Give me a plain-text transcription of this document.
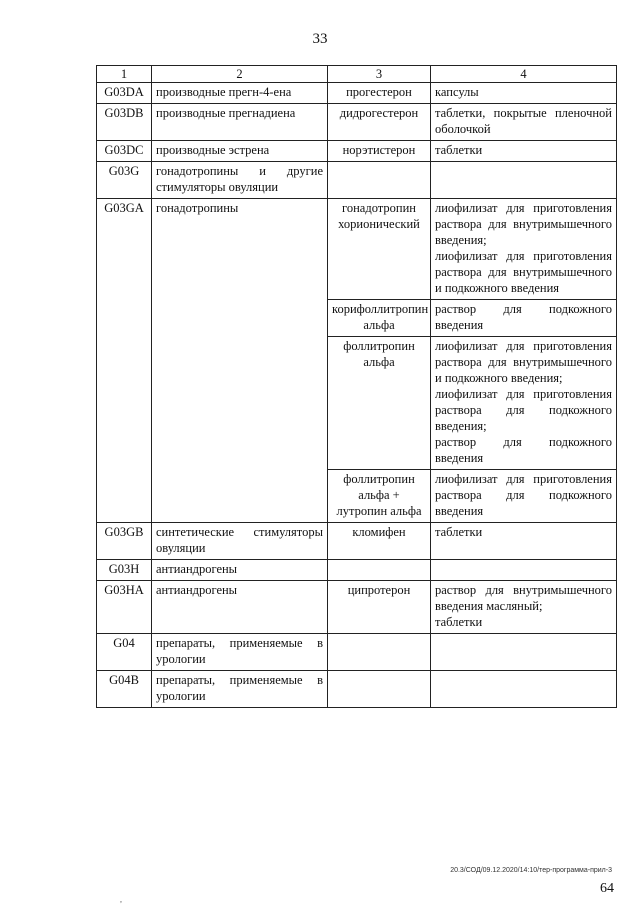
33
1	2	3	4
G03DA	производные прегн-4-ена	прогестерон	капсулы

G03DB	производные прегнадиена	дидрогестерон	таблетки, покрытые пленочной оболочкой

G03DC	производные эстрена	норэтистерон	таблетки

G03G	гонадотропины и другие стимуляторы овуляции		
G03GA	гонадотропины	гонадотропин хорионический	лиофилизат для приготовления раствора для внутримышечного введения;
лиофилизат для приготовления раствора для внутримышечного и подкожного введения

		корифоллитропин альфа	раствор для подкожного введения

		фоллитропин альфа	лиофилизат для приготовления раствора для внутримышечного и подкожного введения;
лиофилизат для приготовления раствора для подкожного введения;
раствор для подкожного введения

		фоллитропин альфа + лутропин альфа	лиофилизат для приготовления раствора для подкожного введения

G03GB	синтетические стимуляторы овуляции	кломифен	таблетки

G03H	антиандрогены		
G03HA	антиандрогены	ципротерон	раствор для внутримышечного введения масляный;
таблетки

G04	препараты, применяемые в урологии		
G04B	препараты, применяемые в урологии		
20.3/СОД/09.12.2020/14:10/тер-программа-прил-3
64
,
